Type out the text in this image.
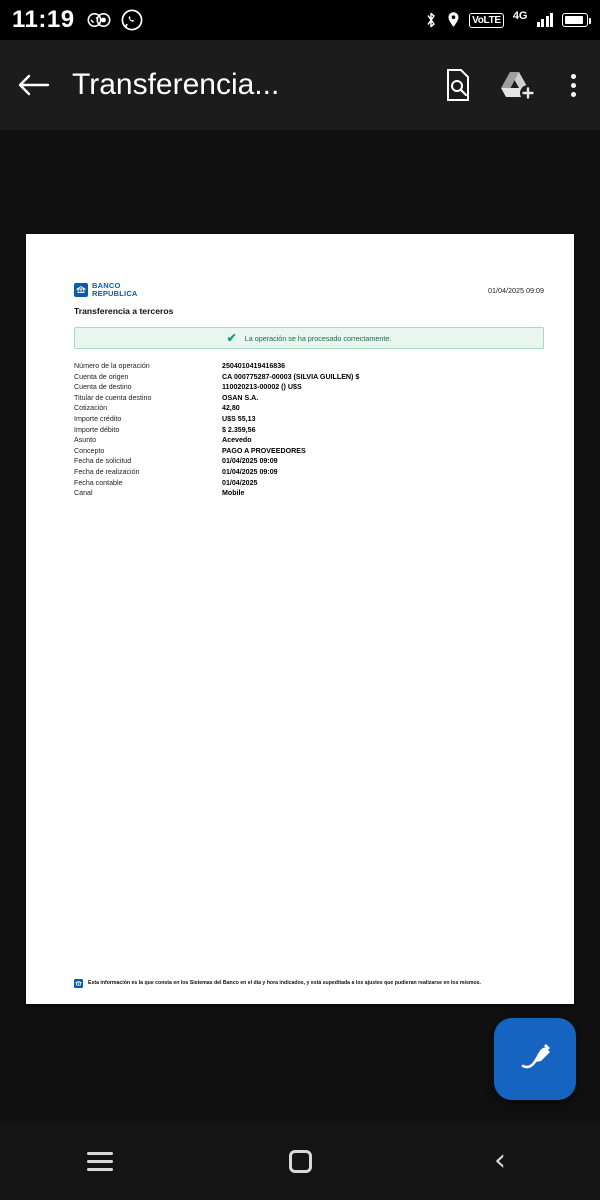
11:19	VoLTE 4G
Transferencia...
BANCO
REPUBLICA	01/04/2025 09:09
Transferencia a terceros
✔ La operación se ha procesado correctamente.
Número de la operación	2504010419416836
Cuenta de origen	CA 000775287-00003 (SILVIA GUILLEN) $
Cuenta de destino	110020213-00002 () U$S
Titular de cuenta destino	OSAN S.A.
Cotización	42,80
Importe crédito	U$S 55,13
Importe débito	$ 2.359,56
Asunto	Acevedo
Concepto	PAGO A PROVEEDORES
Fecha de solicitud	01/04/2025 09:09
Fecha de realización	01/04/2025 09:09
Fecha contable	01/04/2025
Canal	Mobile
Esta información es la que consta en los Sistemas del Banco en el día y hora indicados, y está supeditada a los ajustes que pudieran realizarse en los mismos.
‹
